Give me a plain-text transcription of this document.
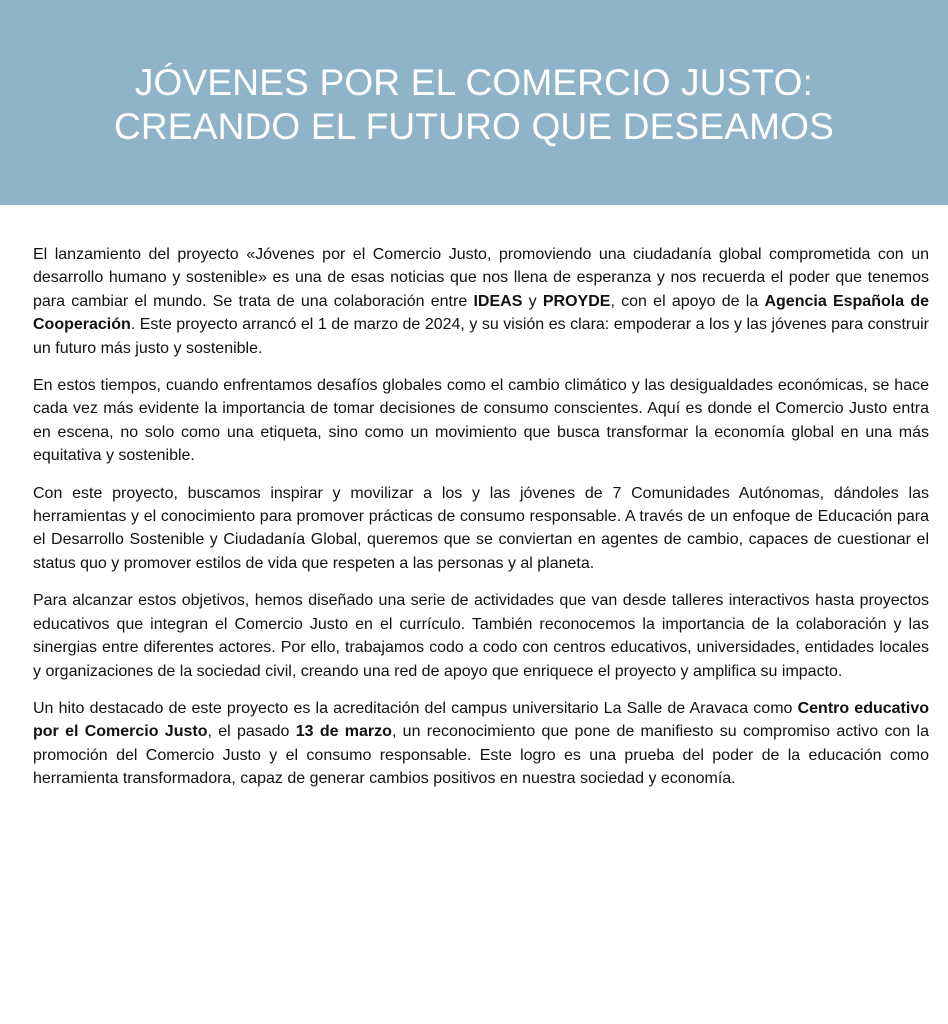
JÓVENES POR EL COMERCIO JUSTO:
CREANDO EL FUTURO QUE DESEAMOS

El lanzamiento del proyecto «Jóvenes por el Comercio Justo, promoviendo una ciudadanía global comprometida con un desarrollo humano y sostenible» es una de esas noticias que nos llena de esperanza y nos recuerda el poder que tenemos para cambiar el mundo. Se trata de una colaboración entre IDEAS y PROYDE, con el apoyo de la Agencia Española de Cooperación. Este proyecto arrancó el 1 de marzo de 2024, y su visión es clara: empoderar a los y las jóvenes para construir un futuro más justo y sostenible.

En estos tiempos, cuando enfrentamos desafíos globales como el cambio climático y las desigualdades económicas, se hace cada vez más evidente la importancia de tomar decisiones de consumo conscientes. Aquí es donde el Comercio Justo entra en escena, no solo como una etiqueta, sino como un movimiento que busca transformar la economía global en una más equitativa y sostenible.

Con este proyecto, buscamos inspirar y movilizar a los y las jóvenes de 7 Comunidades Autónomas, dándoles las herramientas y el conocimiento para promover prácticas de consumo responsable. A través de un enfoque de Educación para el Desarrollo Sostenible y Ciudadanía Global, queremos que se conviertan en agentes de cambio, capaces de cuestionar el status quo y promover estilos de vida que respeten a las personas y al planeta.

Para alcanzar estos objetivos, hemos diseñado una serie de actividades que van desde talleres interactivos hasta proyectos educativos que integran el Comercio Justo en el currículo. También reconocemos la importancia de la colaboración y las sinergias entre diferentes actores. Por ello, trabajamos codo a codo con centros educativos, universidades, entidades locales y organizaciones de la sociedad civil, creando una red de apoyo que enriquece el proyecto y amplifica su impacto.

Un hito destacado de este proyecto es la acreditación del campus universitario La Salle de Aravaca como Centro educativo por el Comercio Justo, el pasado 13 de marzo, un reconocimiento que pone de manifiesto su compromiso activo con la promoción del Comercio Justo y el consumo responsable. Este logro es una prueba del poder de la educación como herramienta transformadora, capaz de generar cambios positivos en nuestra sociedad y economía.
